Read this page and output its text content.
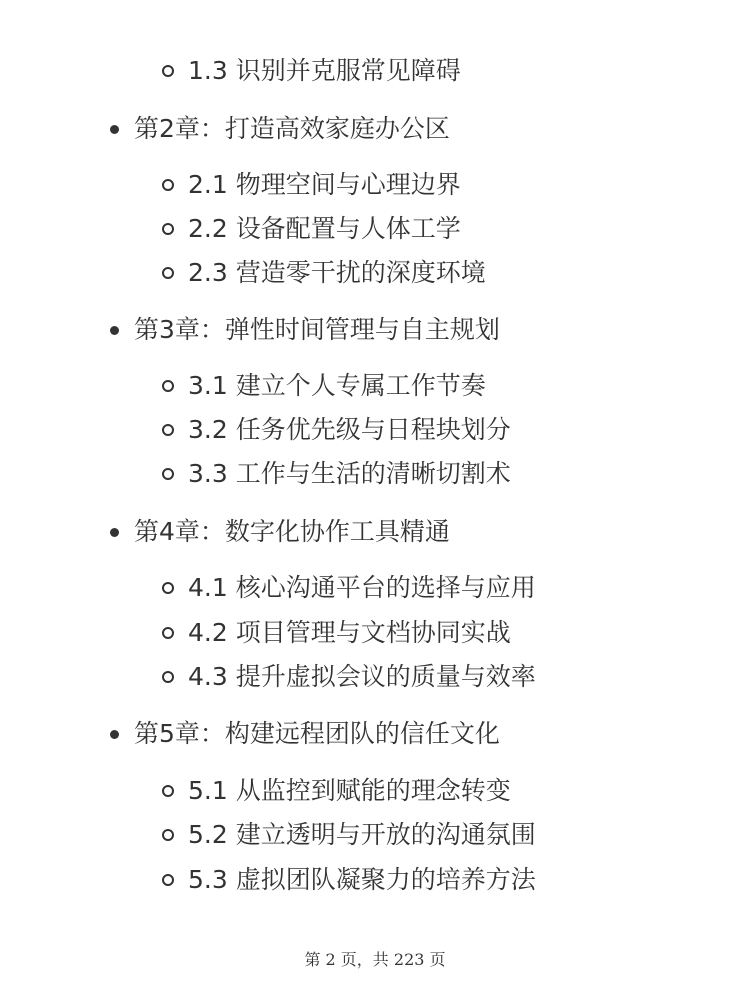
1.3 识别并克服常见障碍
第2章：打造高效家庭办公区
2.1 物理空间与心理边界
2.2 设备配置与人体工学
2.3 营造零干扰的深度环境
第3章：弹性时间管理与自主规划
3.1 建立个人专属工作节奏
3.2 任务优先级与日程块划分
3.3 工作与生活的清晰切割术
第4章：数字化协作工具精通
4.1 核心沟通平台的选择与应用
4.2 项目管理与文档协同实战
4.3 提升虚拟会议的质量与效率
第5章：构建远程团队的信任文化
5.1 从监控到赋能的理念转变
5.2 建立透明与开放的沟通氛围
5.3 虚拟团队凝聚力的培养方法
第 2 页，共 223 页
